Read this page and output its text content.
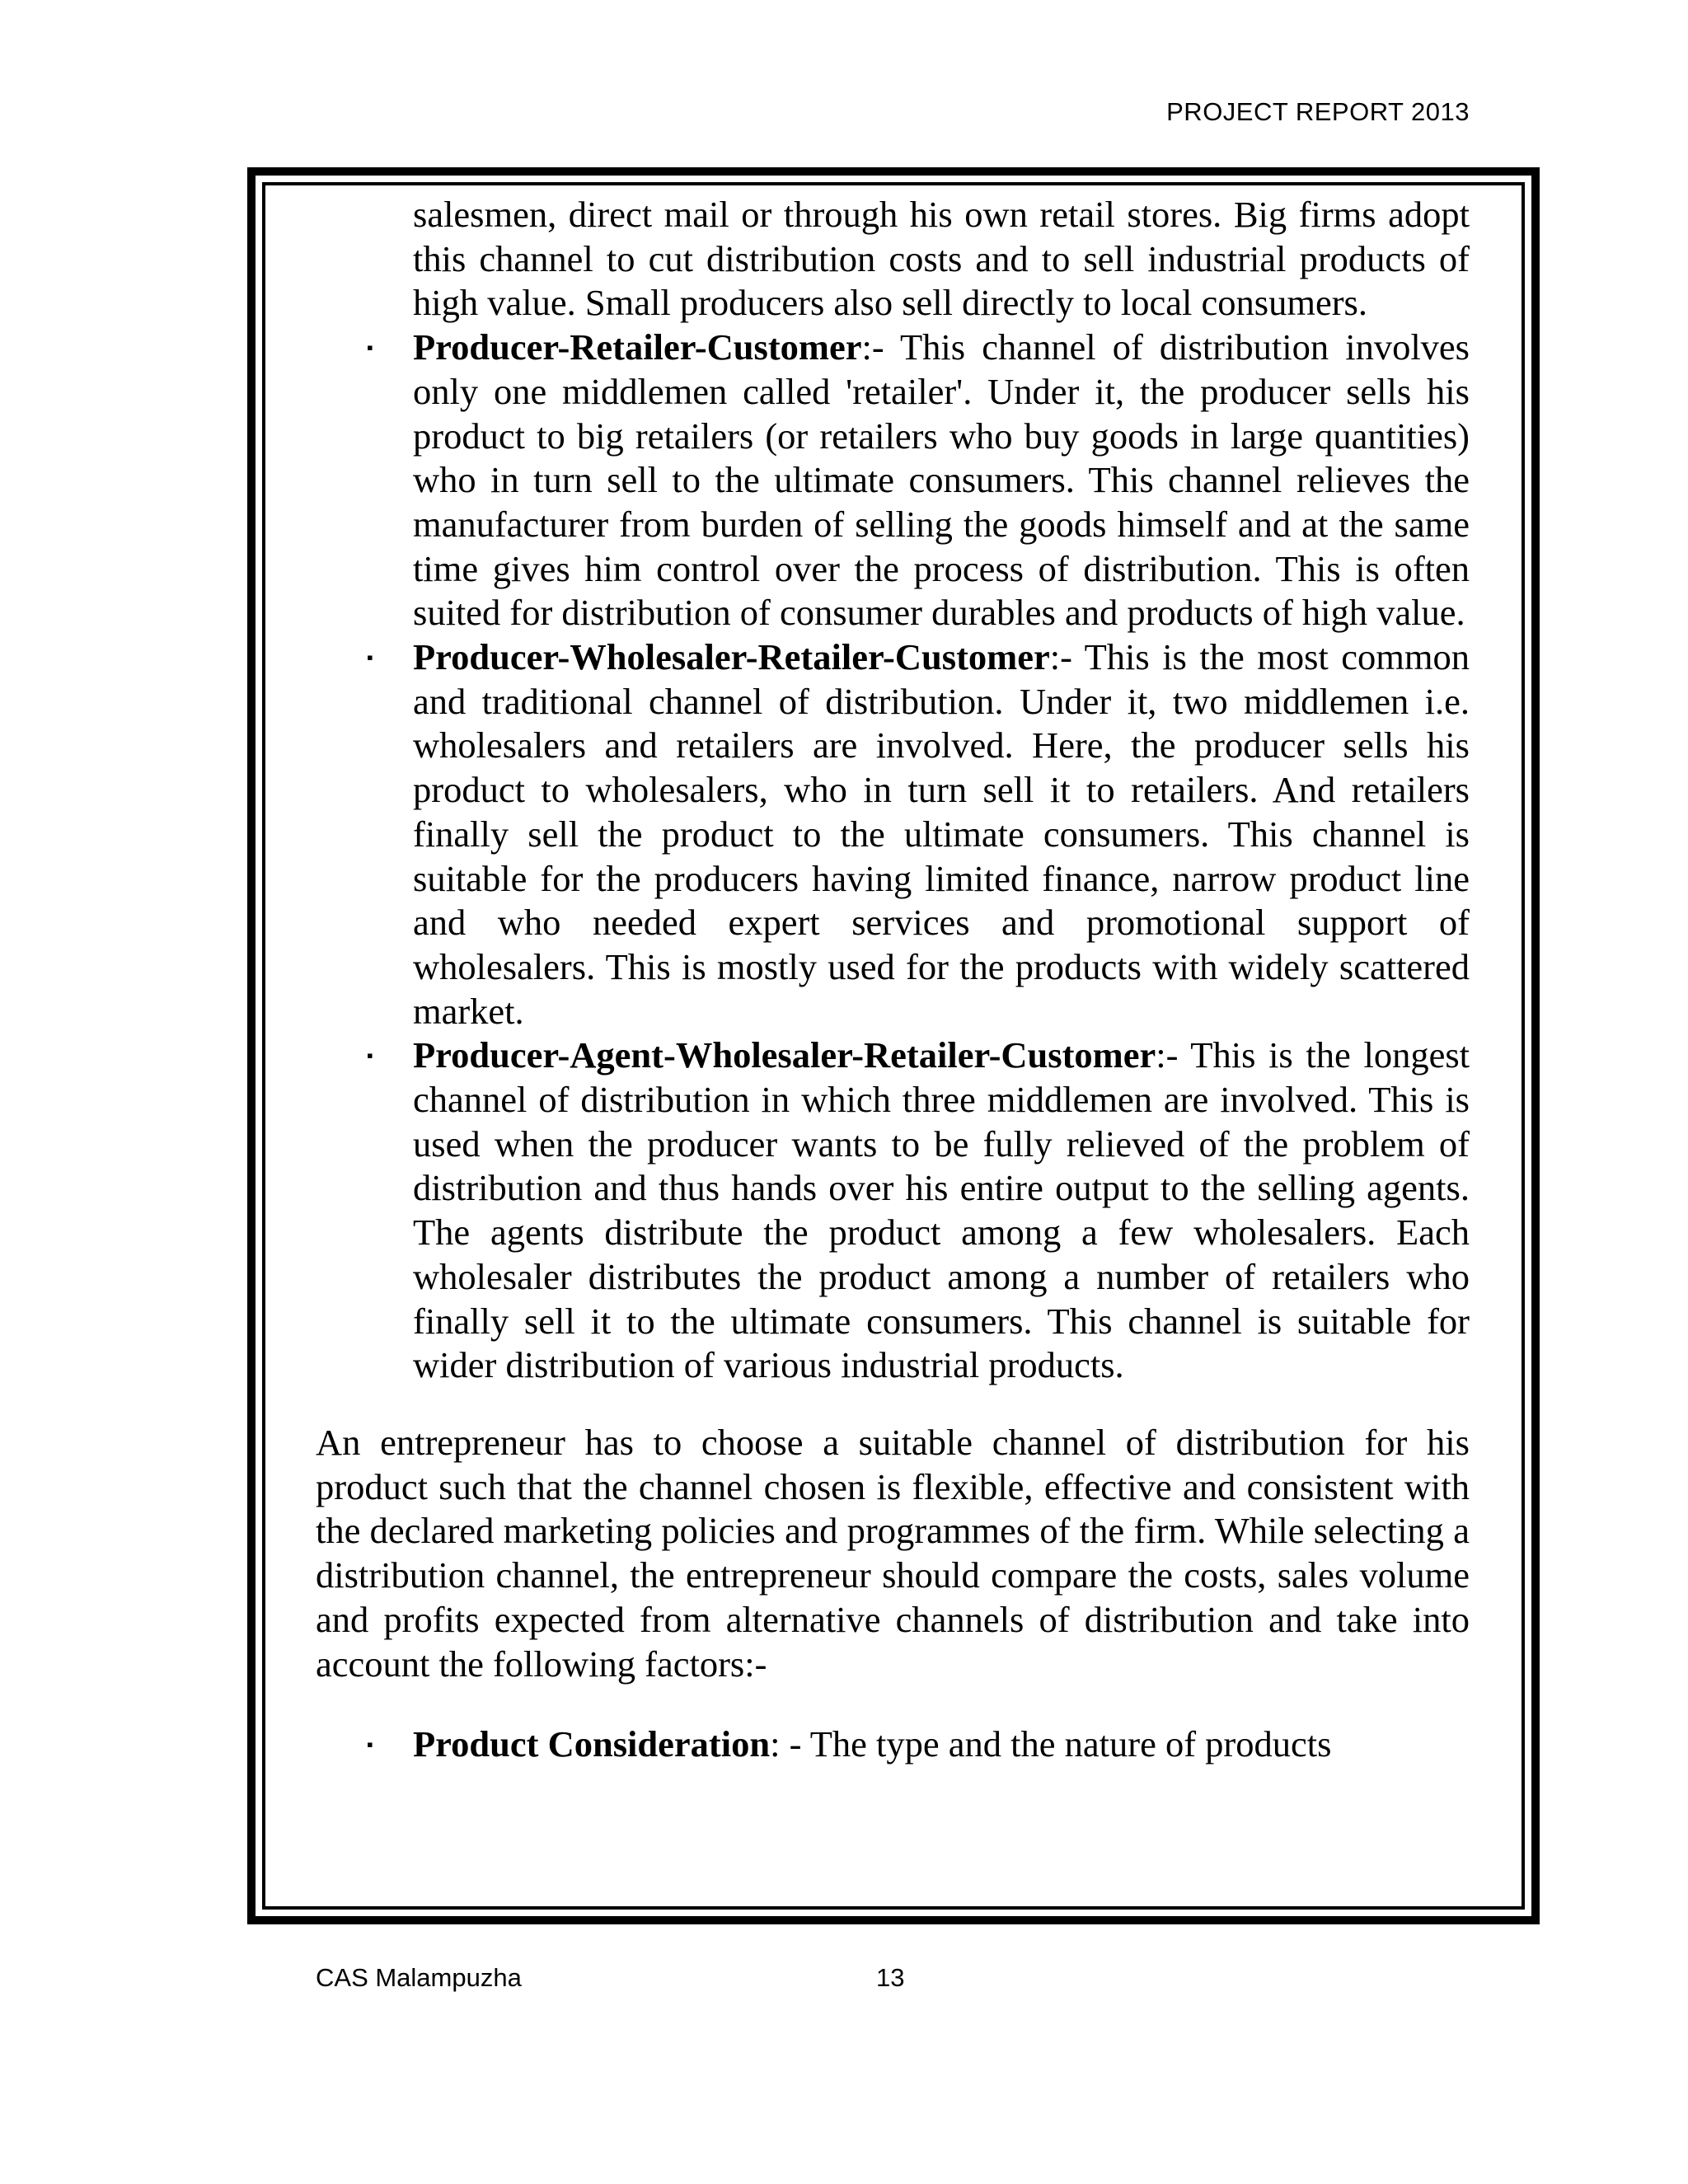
PROJECT REPORT 2013

salesmen, direct mail or through his own retail stores. Big firms adopt this channel to cut distribution costs and to sell industrial products of high value. Small producers also sell directly to local consumers.

▪ Producer-Retailer-Customer:- This channel of distribution involves only one middlemen called 'retailer'. Under it, the producer sells his product to big retailers (or retailers who buy goods in large quantities) who in turn sell to the ultimate consumers. This channel relieves the manufacturer from burden of selling the goods himself and at the same time gives him control over the process of distribution. This is often suited for distribution of consumer durables and products of high value.

▪ Producer-Wholesaler-Retailer-Customer:- This is the most common and traditional channel of distribution. Under it, two middlemen i.e. wholesalers and retailers are involved. Here, the producer sells his product to wholesalers, who in turn sell it to retailers. And retailers finally sell the product to the ultimate consumers. This channel is suitable for the producers having limited finance, narrow product line and who needed expert services and promotional support of wholesalers. This is mostly used for the products with widely scattered market.

▪ Producer-Agent-Wholesaler-Retailer-Customer:- This is the longest channel of distribution in which three middlemen are involved. This is used when the producer wants to be fully relieved of the problem of distribution and thus hands over his entire output to the selling agents. The agents distribute the product among a few wholesalers. Each wholesaler distributes the product among a number of retailers who finally sell it to the ultimate consumers. This channel is suitable for wider distribution of various industrial products.

An entrepreneur has to choose a suitable channel of distribution for his product such that the channel chosen is flexible, effective and consistent with the declared marketing policies and programmes of the firm. While selecting a distribution channel, the entrepreneur should compare the costs, sales volume and profits expected from alternative channels of distribution and take into account the following factors:-

▪ Product Consideration: - The type and the nature of products

CAS Malampuzha	13
